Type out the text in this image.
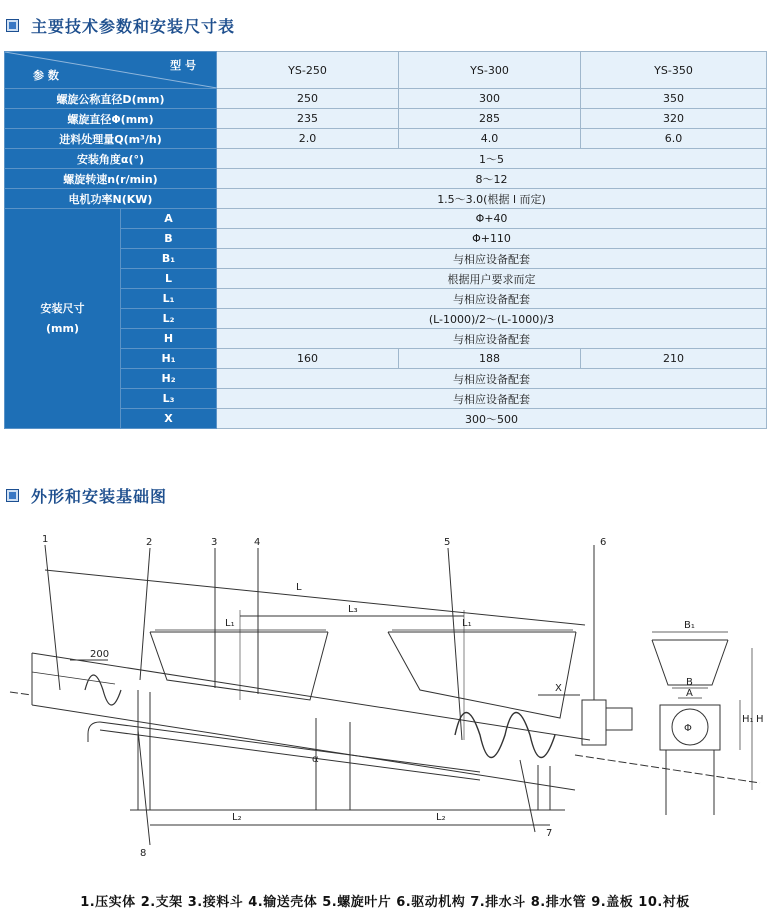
主要技术参数和安装尺寸表
型 号
参 数		YS-250	YS-300	YS-350
螺旋公称直径D(mm)		250	300	350
螺旋直径Φ(mm)		235	285	320
进料处理量Q(m³/h)		2.0	4.0	6.0
安装角度α(°)		1～5		
螺旋转速n(r/min)		8～12		
电机功率N(KW)		1.5～3.0(根据 l 而定)		
安装尺寸
(mm)	A	Φ+40		
	B	Φ+110		
	B₁	与相应设备配套		
	L	根据用户要求而定		
	L₁	与相应设备配套		
	L₂	(L-1000)/2～(L-1000)/3		
	H	与相应设备配套		
	H₁	160	188	210
	H₂	与相应设备配套		
	L₃	与相应设备配套		
	X	300～500		
外形和安装基础图
1	2	3	4	5	6
7
8
L
L₃
L₁	L₁
L₂	L₂
X
200
α
B₁
B
A
H₁ H
Φ
1.压实体 2.支架 3.接料斗 4.输送壳体 5.螺旋叶片 6.驱动机构 7.排水斗 8.排水管 9.盖板 10.衬板
